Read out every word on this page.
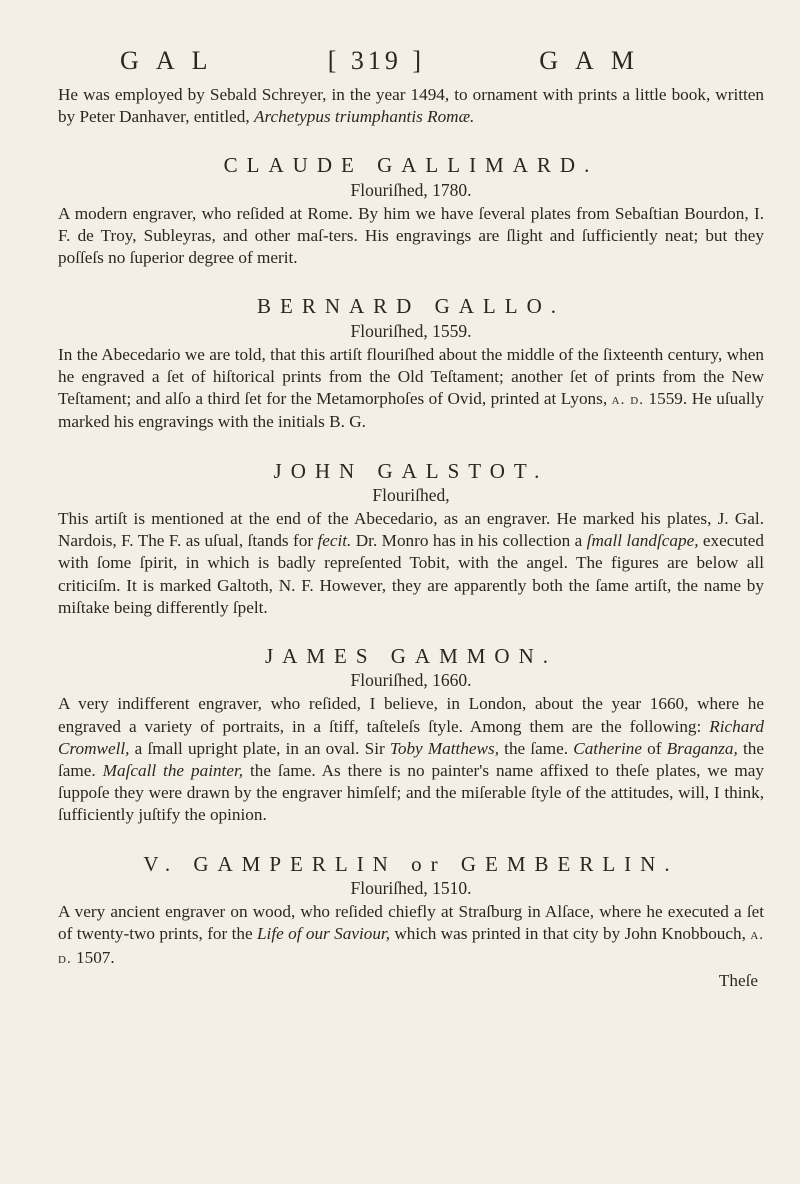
G A L	[ 319 ]	G A M

He was employed by Sebald Schreyer, in the year 1494, to ornament with prints a little book, written by Peter Danhaver, entitled, Archetypus triumphantis Romæ.

CLAUDE GALLIMARD.
Flouriſhed, 1780.

A modern engraver, who reſided at Rome. By him we have ſeveral plates from Sebaſtian Bourdon, I. F. de Troy, Subleyras, and other maſ-ters. His engravings are ſlight and ſufficiently neat; but they poſſeſs no ſuperior degree of merit.

BERNARD GALLO.
Flouriſhed, 1559.

In the Abecedario we are told, that this artiſt flouriſhed about the middle of the ſixteenth century, when he engraved a ſet of hiſtorical prints from the Old Teſtament; another ſet of prints from the New Teſtament; and alſo a third ſet for the Metamorphoſes of Ovid, printed at Lyons, a. d. 1559. He uſually marked his engravings with the initials B. G.

JOHN GALSTOT.
Flouriſhed,

This artiſt is mentioned at the end of the Abecedario, as an engraver. He marked his plates, J. Gal. Nardois, F. The F. as uſual, ſtands for fecit. Dr. Monro has in his collection a ſmall landſcape, executed with ſome ſpirit, in which is badly repreſented Tobit, with the angel. The figures are below all criticiſm. It is marked Galtoth, N. F. However, they are apparently both the ſame artiſt, the name by miſtake being differently ſpelt.

JAMES GAMMON.
Flouriſhed, 1660.

A very indifferent engraver, who reſided, I believe, in London, about the year 1660, where he engraved a variety of portraits, in a ſtiff, taſteleſs ſtyle. Among them are the following: Richard Cromwell, a ſmall upright plate, in an oval. Sir Toby Matthews, the ſame. Catherine of Braganza, the ſame. Maſcall the painter, the ſame. As there is no painter's name affixed to theſe plates, we may ſuppoſe they were drawn by the engraver himſelf; and the miſerable ſtyle of the attitudes, will, I think, ſufficiently juſtify the opinion.

V. GAMPERLIN or GEMBERLIN.
Flouriſhed, 1510.

A very ancient engraver on wood, who reſided chiefly at Straſburg in Alſace, where he executed a ſet of twenty-two prints, for the Life of our Saviour, which was printed in that city by John Knobbouch, a. d. 1507.

Theſe
